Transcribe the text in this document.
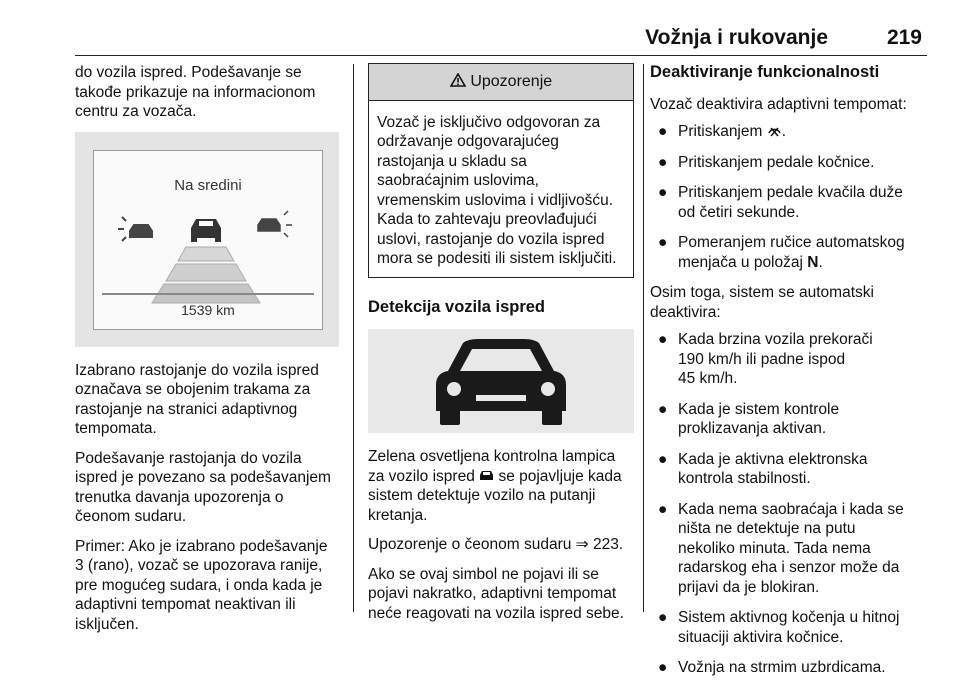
Vožnja i rukovanje	219

do vozila ispred. Podešavanje se
takođe prikazuje na informacionom
centru za vozača.

Na sredini
1539 km

Izabrano rastojanje do vozila ispred
označava se obojenim trakama za
rastojanje na stranici adaptivnog
tempomata.

Podešavanje rastojanja do vozila
ispred je povezano sa podešavanjem
trenutka davanja upozorenja o
čeonom sudaru.

Primer: Ako je izabrano podešavanje
3 (rano), vozač se upozorava ranije,
pre mogućeg sudara, i onda kada je
adaptivni tempomat neaktivan ili
isključen.

Upozorenje
Vozač je isključivo odgovoran za
održavanje odgovarajućeg
rastojanja u skladu sa
saobraćajnim uslovima,
vremenskim uslovima i vidljivošću.
Kada to zahtevaju preovlađujući
uslovi, rastojanje do vozila ispred
mora se podesiti ili sistem isključiti.
Detekcija vozila ispred

Zelena osvetljena kontrolna lampica
za vozilo ispred  se pojavljuje kada
sistem detektuje vozilo na putanji
kretanja.

Upozorenje o čeonom sudaru ⇒ 223.

Ako se ovaj simbol ne pojavi ili se
pojavi nakratko, adaptivni tempomat
neće reagovati na vozila ispred sebe.

Deaktiviranje funkcionalnosti

Vozač deaktivira adaptivni tempomat:

● Pritiskanjem .
● Pritiskanjem pedale kočnice.
● Pritiskanjem pedale kvačila duže
od četiri sekunde.
● Pomeranjem ručice automatskog
menjača u položaj N.

Osim toga, sistem se automatski
deaktivira:

● Kada brzina vozila prekorači
190 km/h ili padne ispod
45 km/h.
● Kada je sistem kontrole
proklizavanja aktivan.
● Kada je aktivna elektronska
kontrola stabilnosti.
● Kada nema saobraćaja i kada se
ništa ne detektuje na putu
nekoliko minuta. Tada nema
radarskog eha i senzor može da
prijavi da je blokiran.
● Sistem aktivnog kočenja u hitnoj
situaciji aktivira kočnice.
● Vožnja na strmim uzbrdicama.
